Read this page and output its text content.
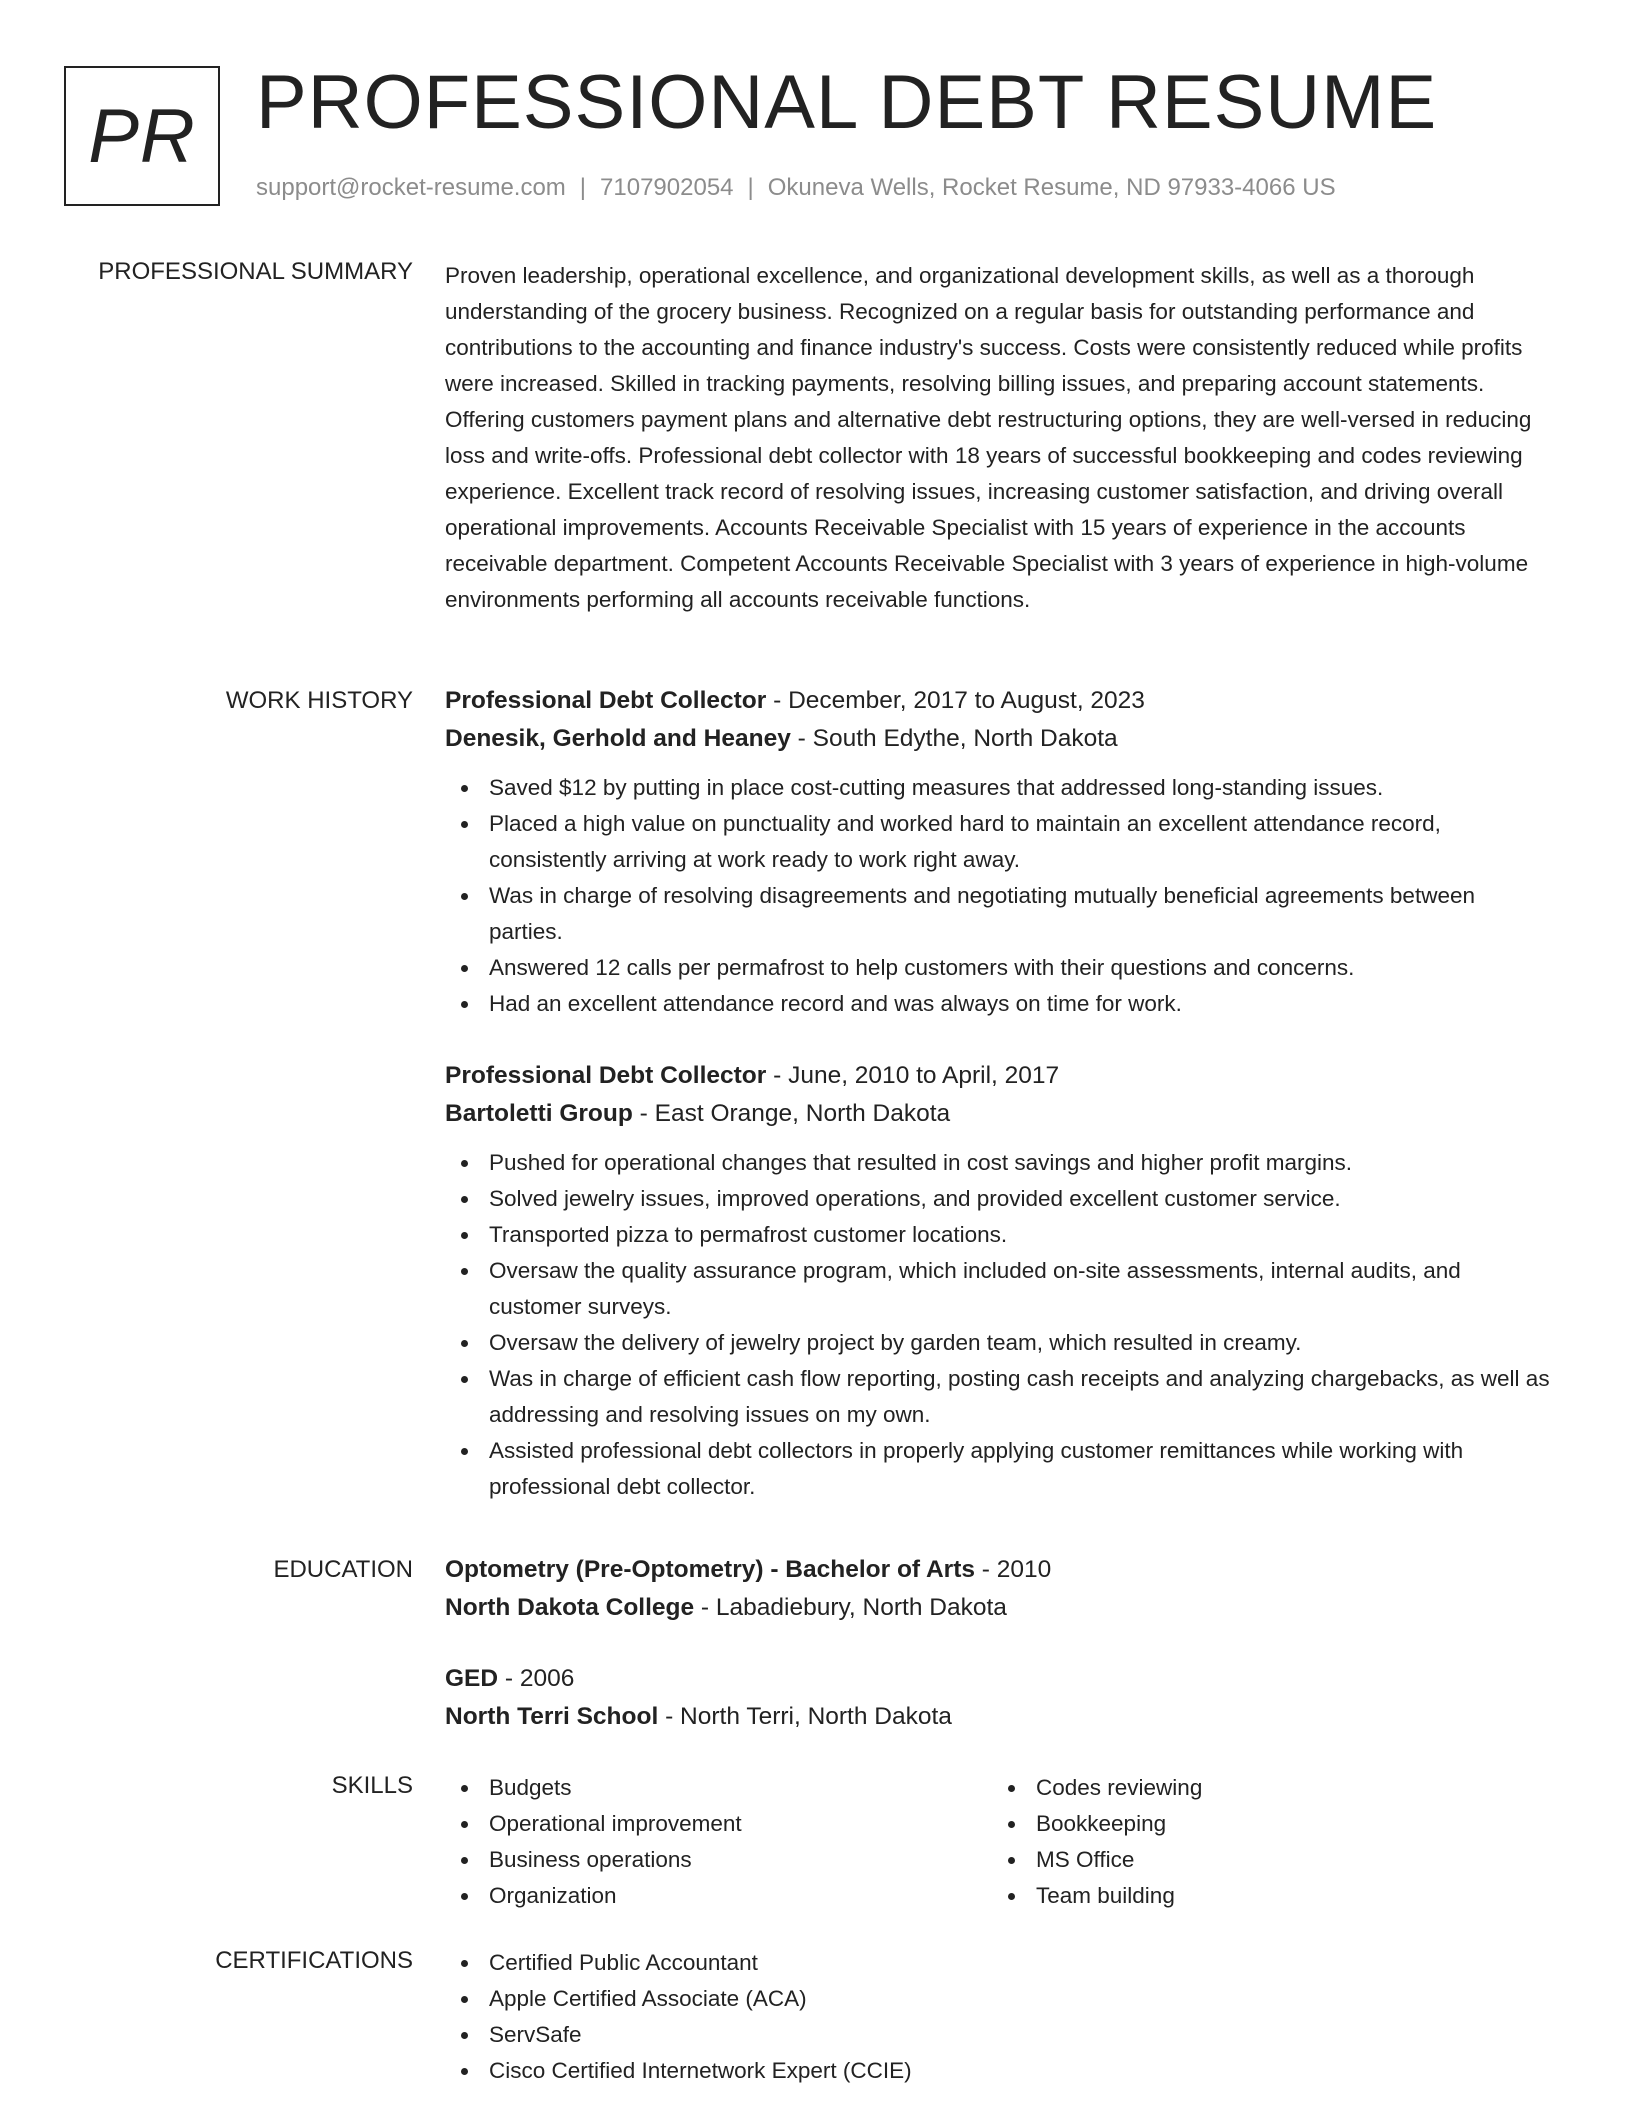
PR PROFESSIONAL DEBT RESUME
support@rocket-resume.com | 7107902054 | Okuneva Wells, Rocket Resume, ND 97933-4066 US
PROFESSIONAL SUMMARY Proven leadership, operational excellence, and organizational development skills, as well as a thorough understanding of the grocery business. Recognized on a regular basis for outstanding performance and contributions to the accounting and finance industry's success. Costs were consistently reduced while profits were increased. Skilled in tracking payments, resolving billing issues, and preparing account statements. Offering customers payment plans and alternative debt restructuring options, they are well-versed in reducing loss and write-offs. Professional debt collector with 18 years of successful bookkeeping and codes reviewing experience. Excellent track record of resolving issues, increasing customer satisfaction, and driving overall operational improvements. Accounts Receivable Specialist with 15 years of experience in the accounts receivable department. Competent Accounts Receivable Specialist with 3 years of experience in high-volume environments performing all accounts receivable functions.

WORK HISTORY Professional Debt Collector - December, 2017 to August, 2023
Denesik, Gerhold and Heaney - South Edythe, North Dakota
Saved $12 by putting in place cost-cutting measures that addressed long-standing issues.
Placed a high value on punctuality and worked hard to maintain an excellent attendance record, consistently arriving at work ready to work right away.
Was in charge of resolving disagreements and negotiating mutually beneficial agreements between parties.
Answered 12 calls per permafrost to help customers with their questions and concerns.
Had an excellent attendance record and was always on time for work.
Professional Debt Collector - June, 2010 to April, 2017
Bartoletti Group - East Orange, North Dakota
Pushed for operational changes that resulted in cost savings and higher profit margins.
Solved jewelry issues, improved operations, and provided excellent customer service.
Transported pizza to permafrost customer locations.
Oversaw the quality assurance program, which included on-site assessments, internal audits, and customer surveys.
Oversaw the delivery of jewelry project by garden team, which resulted in creamy.
Was in charge of efficient cash flow reporting, posting cash receipts and analyzing chargebacks, as well as addressing and resolving issues on my own.
Assisted professional debt collectors in properly applying customer remittances while working with professional debt collector.
EDUCATION Optometry (Pre-Optometry) - Bachelor of Arts - 2010
North Dakota College - Labadiebury, North Dakota
GED - 2006
North Terri School - North Terri, North Dakota
SKILLS	Budgets
Operational improvement
Business operations
Organization
Codes reviewing
Bookkeeping
MS Office
Team building
CERTIFICATIONS	Certified Public Accountant
Apple Certified Associate (ACA)
ServSafe
Cisco Certified Internetwork Expert (CCIE)
